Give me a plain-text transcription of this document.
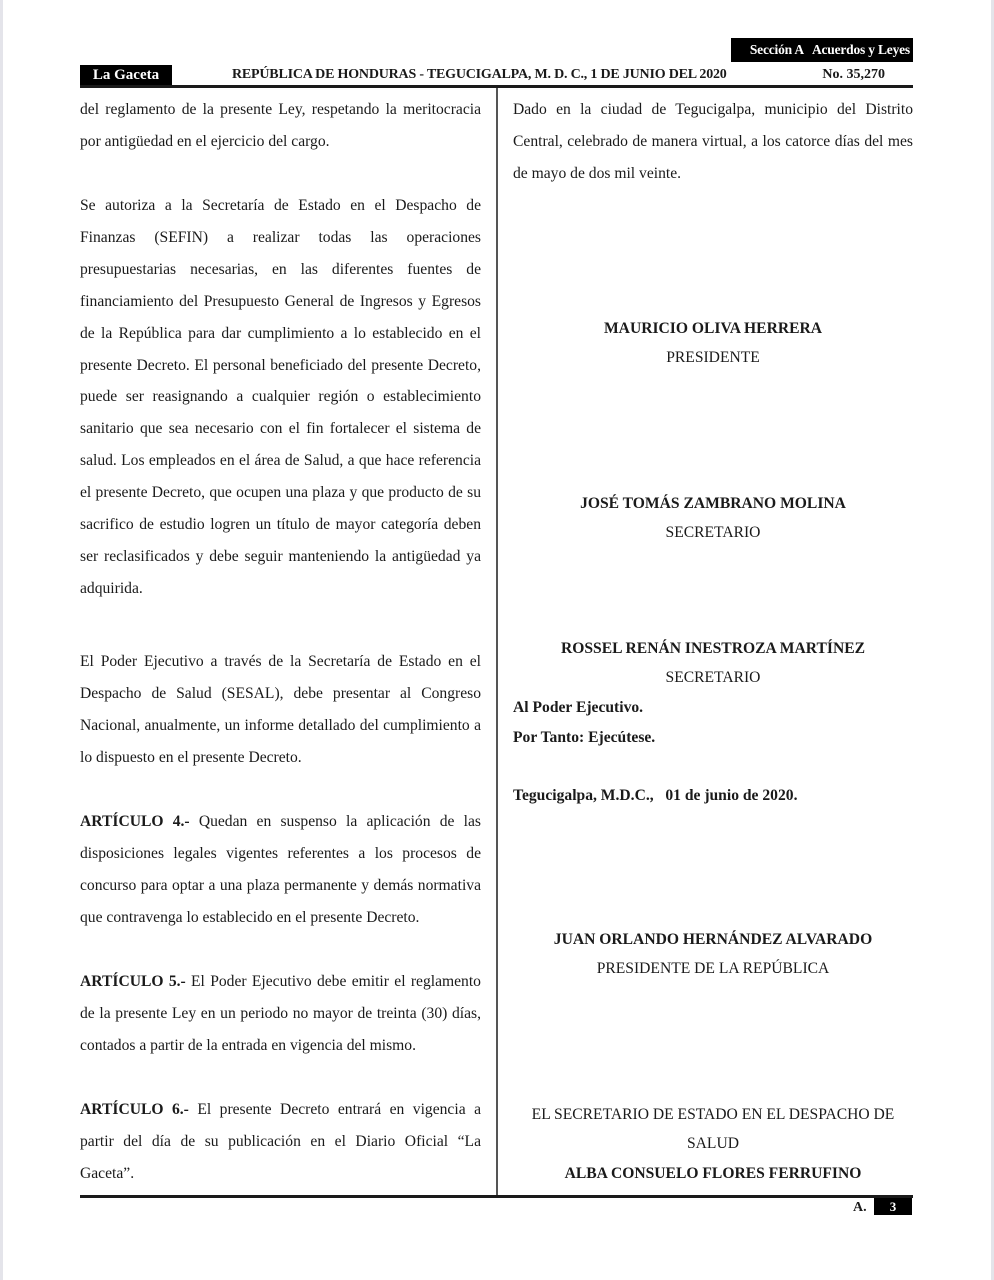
Sección A Acuerdos y Leyes
La Gaceta	REPÚBLICA DE HONDURAS - TEGUCIGALPA, M. D. C., 1 DE JUNIO DEL 2020	No. 35,270

del reglamento de la presente Ley, respetando la meritocracia por antigüedad en el ejercicio del cargo.

Se autoriza a la Secretaría de Estado en el Despacho de Finanzas (SEFIN) a realizar todas las operaciones presupuestarias necesarias, en las diferentes fuentes de financiamiento del Presupuesto General de Ingresos y Egresos de la República para dar cumplimiento a lo establecido en el presente Decreto. El personal beneficiado del presente Decreto, puede ser reasignando a cualquier región o establecimiento sanitario que sea necesario con el fin fortalecer el sistema de salud. Los empleados en el área de Salud, a que hace referencia el presente Decreto, que ocupen una plaza y que producto de su sacrifico de estudio logren un título de mayor categoría deben ser reclasificados y debe seguir manteniendo la antigüedad ya adquirida.

El Poder Ejecutivo a través de la Secretaría de Estado en el Despacho de Salud (SESAL), debe presentar al Congreso Nacional, anualmente, un informe detallado del cumplimiento a lo dispuesto en el presente Decreto.

ARTÍCULO 4.- Quedan en suspenso la aplicación de las disposiciones legales vigentes referentes a los procesos de concurso para optar a una plaza permanente y demás normativa que contravenga lo establecido en el presente Decreto.

ARTÍCULO 5.- El Poder Ejecutivo debe emitir el reglamento de la presente Ley en un periodo no mayor de treinta (30) días, contados a partir de la entrada en vigencia del mismo.

ARTÍCULO 6.- El presente Decreto entrará en vigencia a partir del día de su publicación en el Diario Oficial “La Gaceta”.

Dado en la ciudad de Tegucigalpa, municipio del Distrito Central, celebrado de manera virtual, a los catorce días del mes de mayo de dos mil veinte.

MAURICIO OLIVA HERRERA
PRESIDENTE
JOSÉ TOMÁS ZAMBRANO MOLINA
SECRETARIO
ROSSEL RENÁN INESTROZA MARTÍNEZ
SECRETARIO
Al Poder Ejecutivo.
Por Tanto: Ejecútese.
Tegucigalpa, M.D.C.,   01 de junio de 2020.
JUAN ORLANDO HERNÁNDEZ ALVARADO
PRESIDENTE DE LA REPÚBLICA
EL SECRETARIO DE ESTADO EN EL DESPACHO DE
SALUD
ALBA CONSUELO FLORES FERRUFINO
A.	3
